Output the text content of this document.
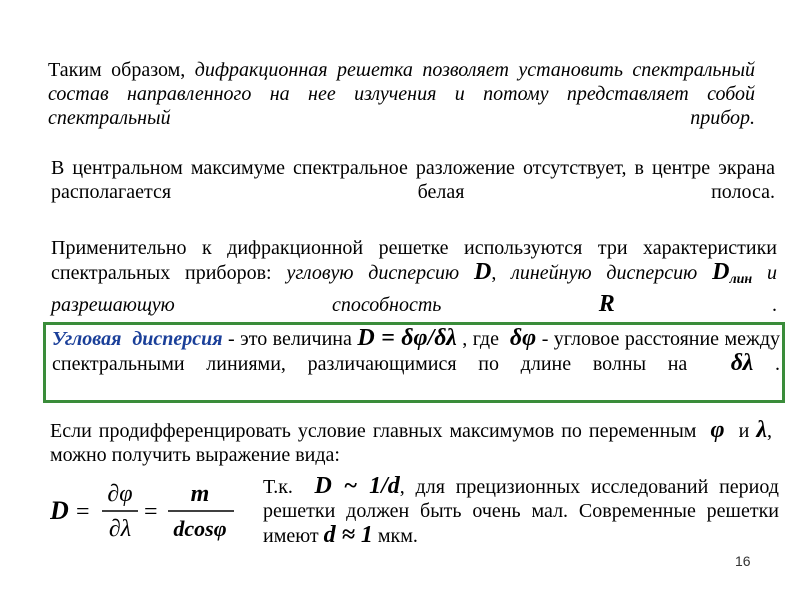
Таким образом, дифракционная решетка позволяет установить спектральный состав направленного на нее излучения и потому представляет собой спектральный прибор.

В центральном максимуме спектральное разложение отсутствует, в центре экрана располагается белая полоса.

Применительно к дифракционной решетке используются три характеристики спектральных приборов: угловую дисперсию D, линейную дисперсию $D_{лин}$ и разрешающую способность	R	.

Угловая дисперсия - это величина D = δφ/δλ , где δφ - угловое расстояние между спектральными линиями, различающимися по длине волны на δλ .

Если продифференцировать условие главных максимумов по переменным φ и λ, можно получить выражение вида:

D =
∂φ
∂λ
=
m
dcosφ

Т.к. D ~ 1/d, для прецизионных исследований период решетки должен быть очень мал. Современные решетки имеют d ≈ 1 мкм.

16
